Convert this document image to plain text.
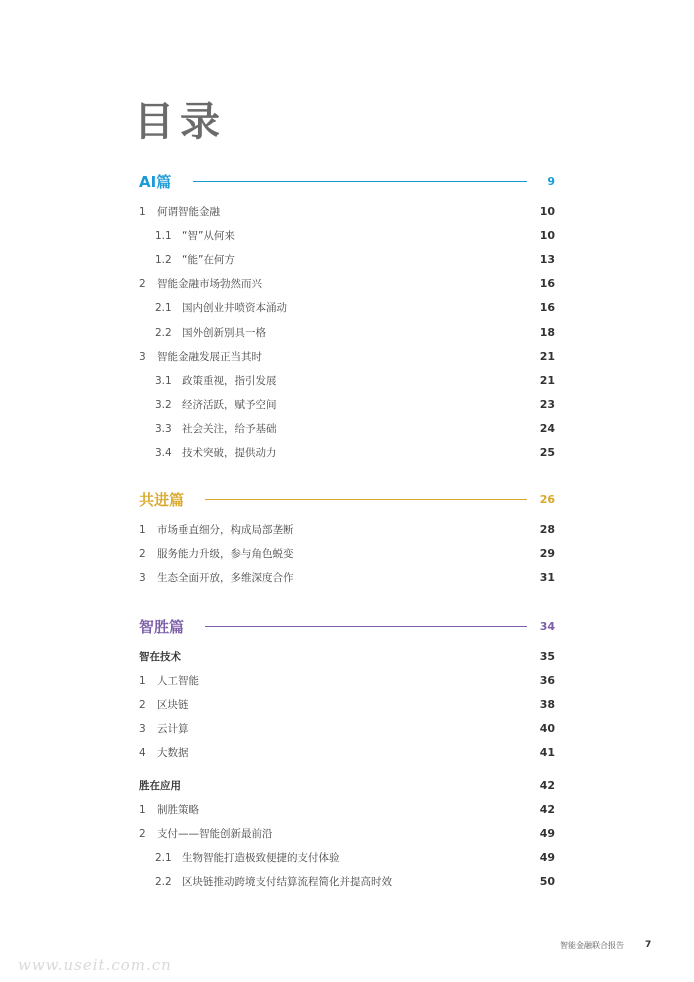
目录
AI篇	9
1 何谓智能金融	10
1.1 “智”从何来	10
1.2 “能”在何方	13
2 智能金融市场勃然而兴	16
2.1 国内创业井喷资本涌动	16
2.2 国外创新别具一格	18
3 智能金融发展正当其时	21
3.1 政策重视，指引发展	21
3.2 经济活跃，赋予空间	23
3.3 社会关注，给予基础	24
3.4 技术突破，提供动力	25
共进篇	26
1 市场垂直细分，构成局部垄断	28
2 服务能力升级，参与角色蜕变	29
3 生态全面开放，多维深度合作	31
智胜篇	34
智在技术	35
1 人工智能	36
2 区块链	38
3 云计算	40
4 大数据	41
胜在应用	42
1 制胜策略	42
2 支付——智能创新最前沿	49
2.1 生物智能打造极致便捷的支付体验	49
2.2 区块链推动跨境支付结算流程简化并提高时效	50
智能金融联合报告 7
www.useit.com.cn
